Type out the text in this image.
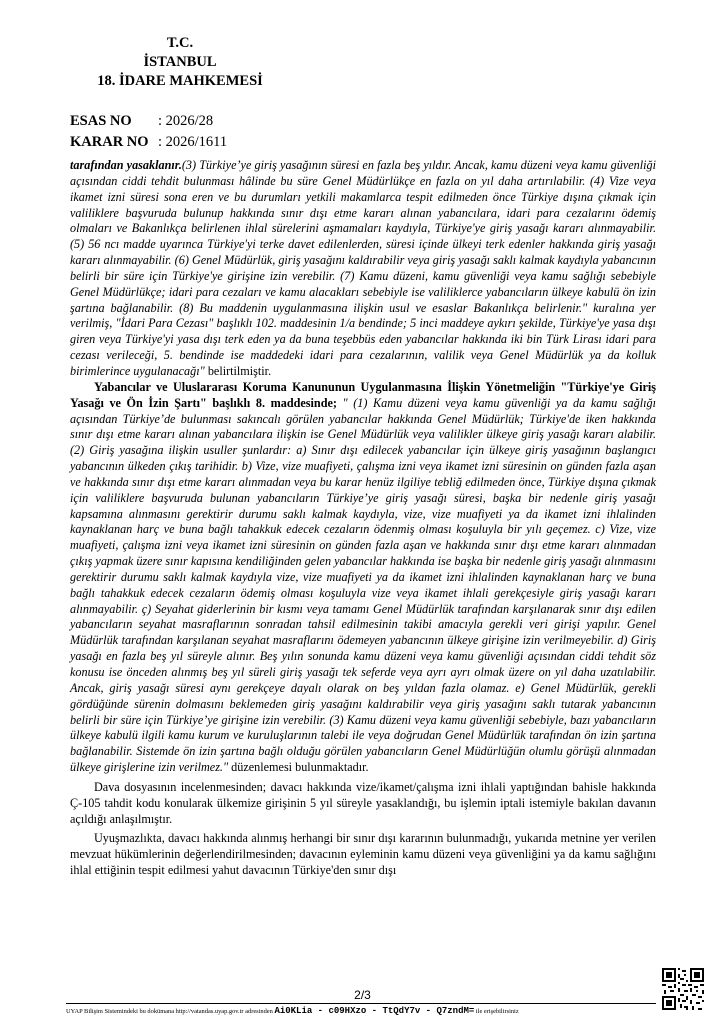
T.C.
İSTANBUL
18. İDARE MAHKEMESİ
ESAS NO	: 2026/28
KARAR NO : 2026/1611

tarafından yasaklanır.(3) Türkiye’ye giriş yasağının süresi en fazla beş yıldır. Ancak, kamu düzeni veya kamu güvenliği açısından ciddi tehdit bulunması hâlinde bu süre Genel Müdürlükçe en fazla on yıl daha artırılabilir. (4) Vize veya ikamet izni süresi sona eren ve bu durumları yetkili makamlarca tespit edilmeden önce Türkiye dışına çıkmak için valiliklere başvuruda bulunup hakkında sınır dışı etme kararı alınan yabancılara, idari para cezalarını ödemiş olmaları ve Bakanlıkça belirlenen ihlal sürelerini aşmamaları kaydıyla, Türkiye'ye giriş yasağı kararı alınmayabilir. (5) 56 ncı madde uyarınca Türkiye'yi terke davet edilenlerden, süresi içinde ülkeyi terk edenler hakkında giriş yasağı kararı alınmayabilir. (6) Genel Müdürlük, giriş yasağını kaldırabilir veya giriş yasağı saklı kalmak kaydıyla yabancının belirli bir süre için Türkiye'ye girişine izin verebilir. (7) Kamu düzeni, kamu güvenliği veya kamu sağlığı sebebiyle Genel Müdürlükçe; idari para cezaları ve kamu alacakları sebebiyle ise valiliklerce yabancıların ülkeye kabulü ön izin şartına bağlanabilir. (8) Bu maddenin uygulanmasına ilişkin usul ve esaslar Bakanlıkça belirlenir." kuralına yer verilmiş, "İdari Para Cezası" başlıklı 102. maddesinin 1/a bendinde; 5 inci maddeye aykırı şekilde, Türkiye'ye yasa dışı giren veya Türkiye'yi yasa dışı terk eden ya da buna teşebbüs eden yabancılar hakkında iki bin Türk Lirası idari para cezası verileceği, 5. bendinde ise maddedeki idari para cezalarının, valilik veya Genel Müdürlük ya da kolluk birimlerince uygulanacağı" belirtilmiştir.

Yabancılar ve Uluslararası Koruma Kanununun Uygulanmasına İlişkin Yönetmeliğin "Türkiye'ye Giriş Yasağı ve Ön İzin Şartı" başlıklı 8. maddesinde; " (1) Kamu düzeni veya kamu güvenliği ya da kamu sağlığı açısından Türkiye’de bulunması sakıncalı görülen yabancılar hakkında Genel Müdürlük; Türkiye'de iken hakkında sınır dışı etme kararı alınan yabancılara ilişkin ise Genel Müdürlük veya valilikler ülkeye giriş yasağı kararı alabilir. (2) Giriş yasağına ilişkin usuller şunlardır: a) Sınır dışı edilecek yabancılar için ülkeye giriş yasağının başlangıcı yabancının ülkeden çıkış tarihidir. b) Vize, vize muafiyeti, çalışma izni veya ikamet izni süresinin on günden fazla aşan ve hakkında sınır dışı etme kararı alınmadan veya bu karar henüz ilgiliye tebliğ edilmeden önce, Türkiye dışına çıkmak için valiliklere başvuruda bulunan yabancıların Türkiye’ye giriş yasağı süresi, başka bir nedenle giriş yasağı kapsamına alınmasını gerektirir durumu saklı kalmak kaydıyla, vize, vize muafiyeti ya da ikamet izni ihlalinden kaynaklanan harç ve buna bağlı tahakkuk edecek cezaların ödenmiş olması koşuluyla bir yılı geçemez. c) Vize, vize muafiyeti, çalışma izni veya ikamet izni süresinin on günden fazla aşan ve hakkında sınır dışı etme kararı alınmadan çıkış yapmak üzere sınır kapısına kendiliğinden gelen yabancılar hakkında ise başka bir nedenle giriş yasağı alınmasını gerektirir durumu saklı kalmak kaydıyla vize, vize muafiyeti ya da ikamet izni ihlalinden kaynaklanan harç ve buna bağlı tahakkuk edecek cezaların ödemiş olması koşuluyla vize veya ikamet ihlali gerekçesiyle giriş yasağı kararı alınmayabilir. ç) Seyahat giderlerinin bir kısmı veya tamamı Genel Müdürlük tarafından karşılanarak sınır dışı edilen yabancıların seyahat masraflarının sonradan tahsil edilmesinin takibi amacıyla gerekli veri girişi yapılır. Genel Müdürlük tarafından karşılanan seyahat masraflarını ödemeyen yabancının ülkeye girişine izin verilmeyebilir. d) Giriş yasağı en fazla beş yıl süreyle alınır. Beş yılın sonunda kamu düzeni veya kamu güvenliği açısından ciddi tehdit söz konusu ise önceden alınmış beş yıl süreli giriş yasağı tek seferde veya ayrı ayrı olmak üzere on yıl daha uzatılabilir. Ancak, giriş yasağı süresi aynı gerekçeye dayalı olarak on beş yıldan fazla olamaz. e) Genel Müdürlük, gerekli gördüğünde sürenin dolmasını beklemeden giriş yasağını kaldırabilir veya giriş yasağını saklı tutarak yabancının belirli bir süre için Türkiye’ye girişine izin verebilir. (3) Kamu düzeni veya kamu güvenliği sebebiyle, bazı yabancıların ülkeye kabulü ilgili kamu kurum ve kuruluşlarının talebi ile veya doğrudan Genel Müdürlük tarafından ön izin şartına bağlanabilir. Sistemde ön izin şartına bağlı olduğu görülen yabancıların Genel Müdürlüğün olumlu görüşü alınmadan ülkeye girişlerine izin verilmez." düzenlemesi bulunmaktadır.

Dava dosyasının incelenmesinden; davacı hakkında vize/ikamet/çalışma izni ihlali yaptığından bahisle hakkında Ç-105 tahdit kodu konularak ülkemize girişinin 5 yıl süreyle yasaklandığı, bu işlemin iptali istemiyle bakılan davanın açıldığı anlaşılmıştır.

Uyuşmazlıkta, davacı hakkında alınmış herhangi bir sınır dışı kararının bulunmadığı, yukarıda metnine yer verilen mevzuat hükümlerinin değerlendirilmesinden; davacının eyleminin kamu düzeni veya güvenliğini ya da kamu sağlığını ihlal ettiğinin tespit edilmesi yahut davacının Türkiye'den sınır dışı

2/3
UYAP Bilişim Sistemindeki bu dokümana http://vatandas.uyap.gov.tr adresinden Ai0KLia - c09HXzo - TtQdY7v - Q7zndM= ile erişebilirsiniz
